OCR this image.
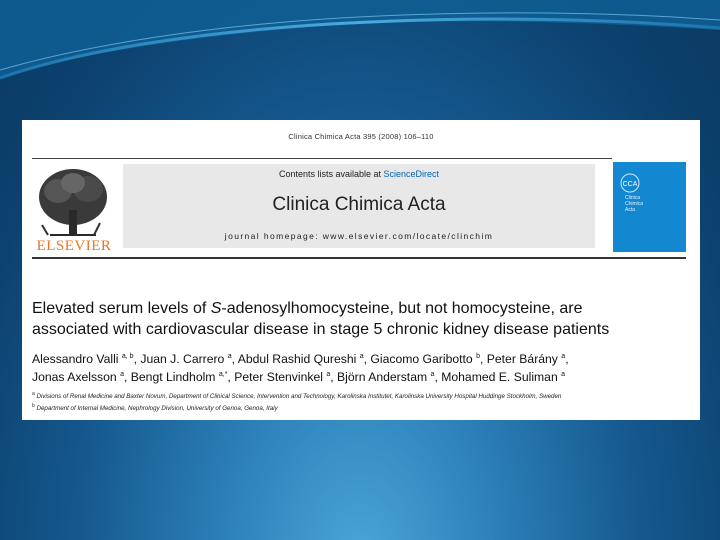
Clinica Chimica Acta 395 (2008) 106–110
ELSEVIER
Contents lists available at ScienceDirect
Clinica Chimica Acta
journal homepage: www.elsevier.com/locate/clinchim
CCA
Clinica
Chimica
Acta
Elevated serum levels of S-adenosylhomocysteine, but not homocysteine, are
associated with cardiovascular disease in stage 5 chronic kidney disease patients
Alessandro Valli $^{a, b}$, Juan J. Carrero $^a$, Abdul Rashid Qureshi $^a$, Giacomo Garibotto $^b$, Peter Bárány $^a$,
Jonas Axelsson $^a$, Bengt Lindholm $^{a,*}$, Peter Stenvinkel $^a$, Björn Anderstam $^a$, Mohamed E. Suliman $^a$
$^a$ Divisions of Renal Medicine and Baxter Novum, Department of Clinical Science, Intervention and Technology, Karolinska Institutet, Karolinska University Hospital Huddinge Stockholm, Sweden
$^b$ Department of Internal Medicine, Nephrology Division, University of Genoa, Genoa, Italy
